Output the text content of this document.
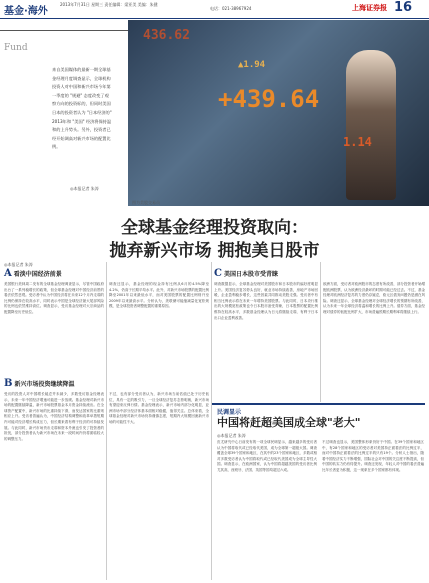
基金·海外
2013年7月31日 星期三 责任编辑：梁亚美 美编：朱健
电话：021-38967924	上海证券报 16
Fund
来自美国媒体的最新一期全球基金经理月度调查显示，全球机构投资人对中国和新兴市场今年第一季度的 "规避" 态度改变了观察方向的投资标的，但同时美国日本的投资者认为 "日本经济的" 2013年和 "美国" 经济将保持温和的上升势头。另外，投资者已经开始调高对新兴市场的配置比例。
◎本报记者 朱涛
436.62
+439.64
▲1.94
1.14
图为美股交易员
全球基金经理投资取向：
抛弃新兴市场 拥抱美日股市
◎本报记者 朱涛
A看淡中国经济前景
美国银行美林周二发布的全球基金经理调查显示，尽管中国政府出台了一系列稳增长的政策，但全球基金经理对中国经济前景的看法依然悲观。受访者中认为中国经济将在未来12个月内走弱的比例仍保持在较高水平，同时表示中国是全球经济最大尾部风险的比例也依然维持高位。调查显示，受访基金经理对大宗商品的配置降至历史低位。
调查还显示，基金经理的现金持有比例从6月的4.5%降至4.2%，仍高于长期平均水平。此外，对新兴市场股票的配置比例降至2001年以来最低水平，而对美国股票的配置比例则升至2009年以来最高水平。分析认为，美联储可能缩减量化宽松规模，是全球投资者调整配置的重要原因。
B新兴市场投资继续降温
受访的投资人对中国增长疑虑并未减少，多数受访基金经理表示，未来一年中国经济增速可能进一步放缓。基金经理对新兴市场的配置继续降温，新兴市场股票基金本月资金持续流出。在全球资产配置中，新兴市场的比重持续下滑，而发达国家的比重则相应上升。受访者普遍认为，中国经济结构调整和改革举措短期内可能对经济增长构成压力，但长期来看有利于经济的可持续发展。与此同时，新兴市场货币走弱和资本外流也引发了投资者的担忧，部分投资者认为新兴市场在未来一段时间内仍将面临较大的调整压力。
不过，也有部分受访者认为，新兴市场当前估值已处于历史低位，具有一定的吸引力，一旦全球经济复苏态势明朗，新兴市场有望迎来反弹行情。基金经理表示，新兴市场内部分化明显，亚洲市场中部分经济体基本面相对稳健，值得关注。总体来看，全球基金经理对新兴市场仍持谨慎态度，短期内大规模回流新兴市场的可能性不大。
C美国日本股市受青睐
调查数据显示，全球基金经理对美国股市和日本股市的偏好度明显上升。美国经济复苏势头良好，就业市场持续改善，房地产市场回暖，企业盈利稳步增长，这些因素共同推动美股走强。受访者中有相当比例表示将在未来一年增持美国股票。与此同时，日本央行推出的大规模宽松政策也令日本股市备受青睐，日本股票的配置比例维持在较高水平，多数基金经理认为日元将继续走弱，有利于日本出口企业盈利改善。
欧洲方面，受访者对欧洲股市的态度有所改善，部分投资者开始增配欧洲股票，认为欧洲经济最坏的时期可能已经过去。不过，基金经理对欧洲经济复苏的力度仍存疑虑，欧元区债务问题仍是潜在风险。调查还显示，全球基金经理对全球经济增长的预期有所改善，认为未来一年全球经济将温和增长的比例上升。债券方面，基金经理对债券的低配比例扩大，市场普遍预期长期利率将继续上行。
民调显示
中国将赶超美国成全球"老大"
◎本报记者 朱涛
皮尤研究中心日前发布的一项全球民调显示，越来越多的受访者认为中国将取代或已经取代美国，成为全球第一超级大国。调查覆盖全球39个国家和地区，在其中的23个国家和地区，多数或相对多数受访者认为中国将取代或已经取代美国成为全球主导性大国。调查显示，在欧洲国家，认为中国将超越美国的受访者比例尤其高，西班牙、法国、英国等国均超过六成。
不过调查也显示，美国整体形象仍好于中国。在39个国家和地区中，有28个国家和地区的受访者对美国持正面看法的比例过半，而对中国持正面看法的比例过半的只有19个。分析人士指出，随着中国经济实力不断增强，国际社会对中国的关注度不断提高，但中国的软实力仍有待提升。调查还发现，年轻人对中国的看法普遍比年长者更为积极，这一现象在多个国家都有体现。
